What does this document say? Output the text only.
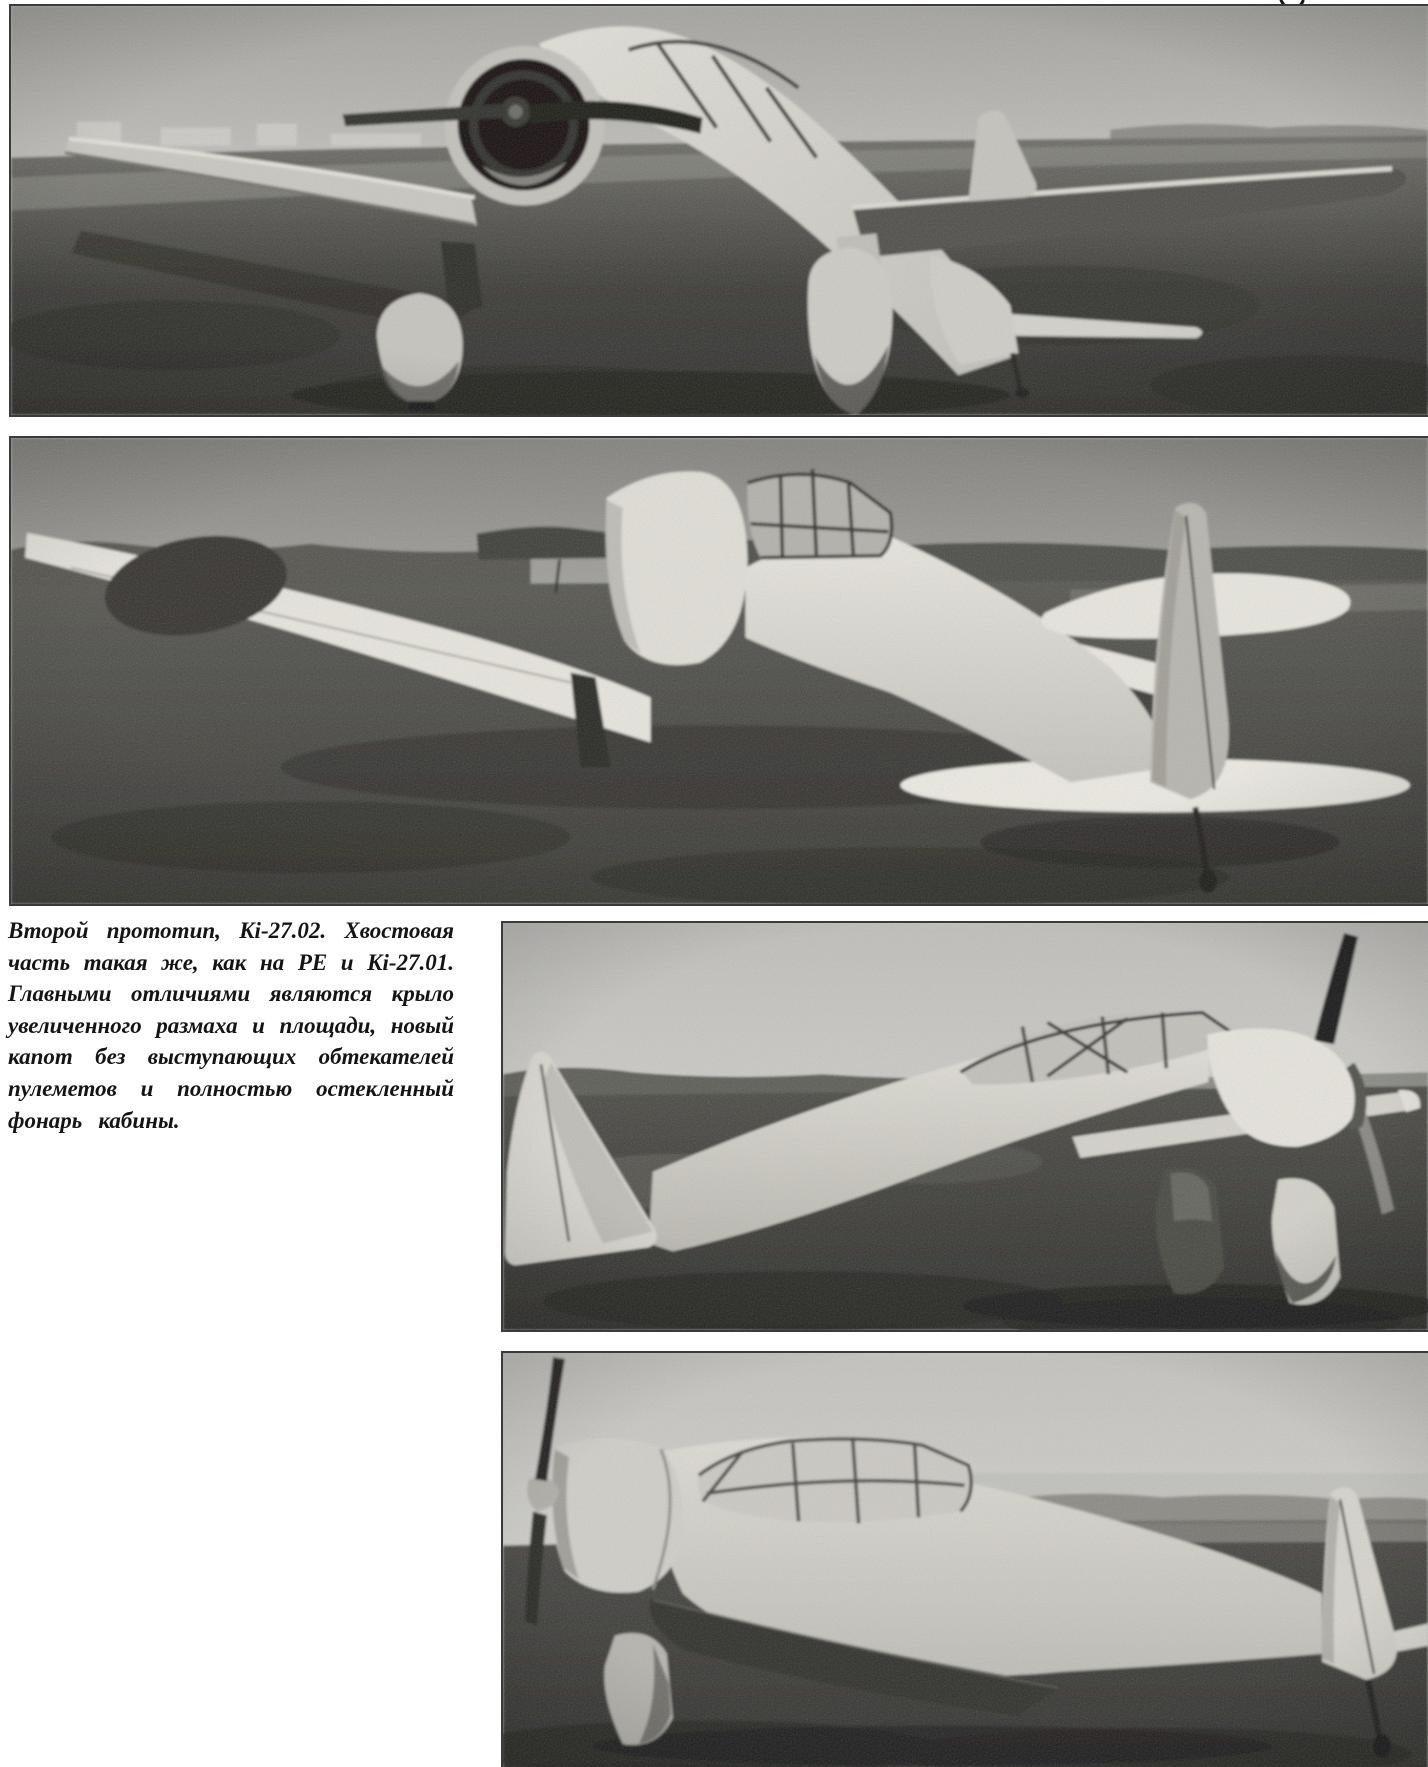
Второй прототип, Ki-27.02. Хвостовая
часть такая же, как на PE и Ki-27.01.
Главными отличиями являются крыло
увеличенного размаха и площади, новый
капот без выступающих обтекателей
пулеметов и полностью остекленный
фонарь кабины.
